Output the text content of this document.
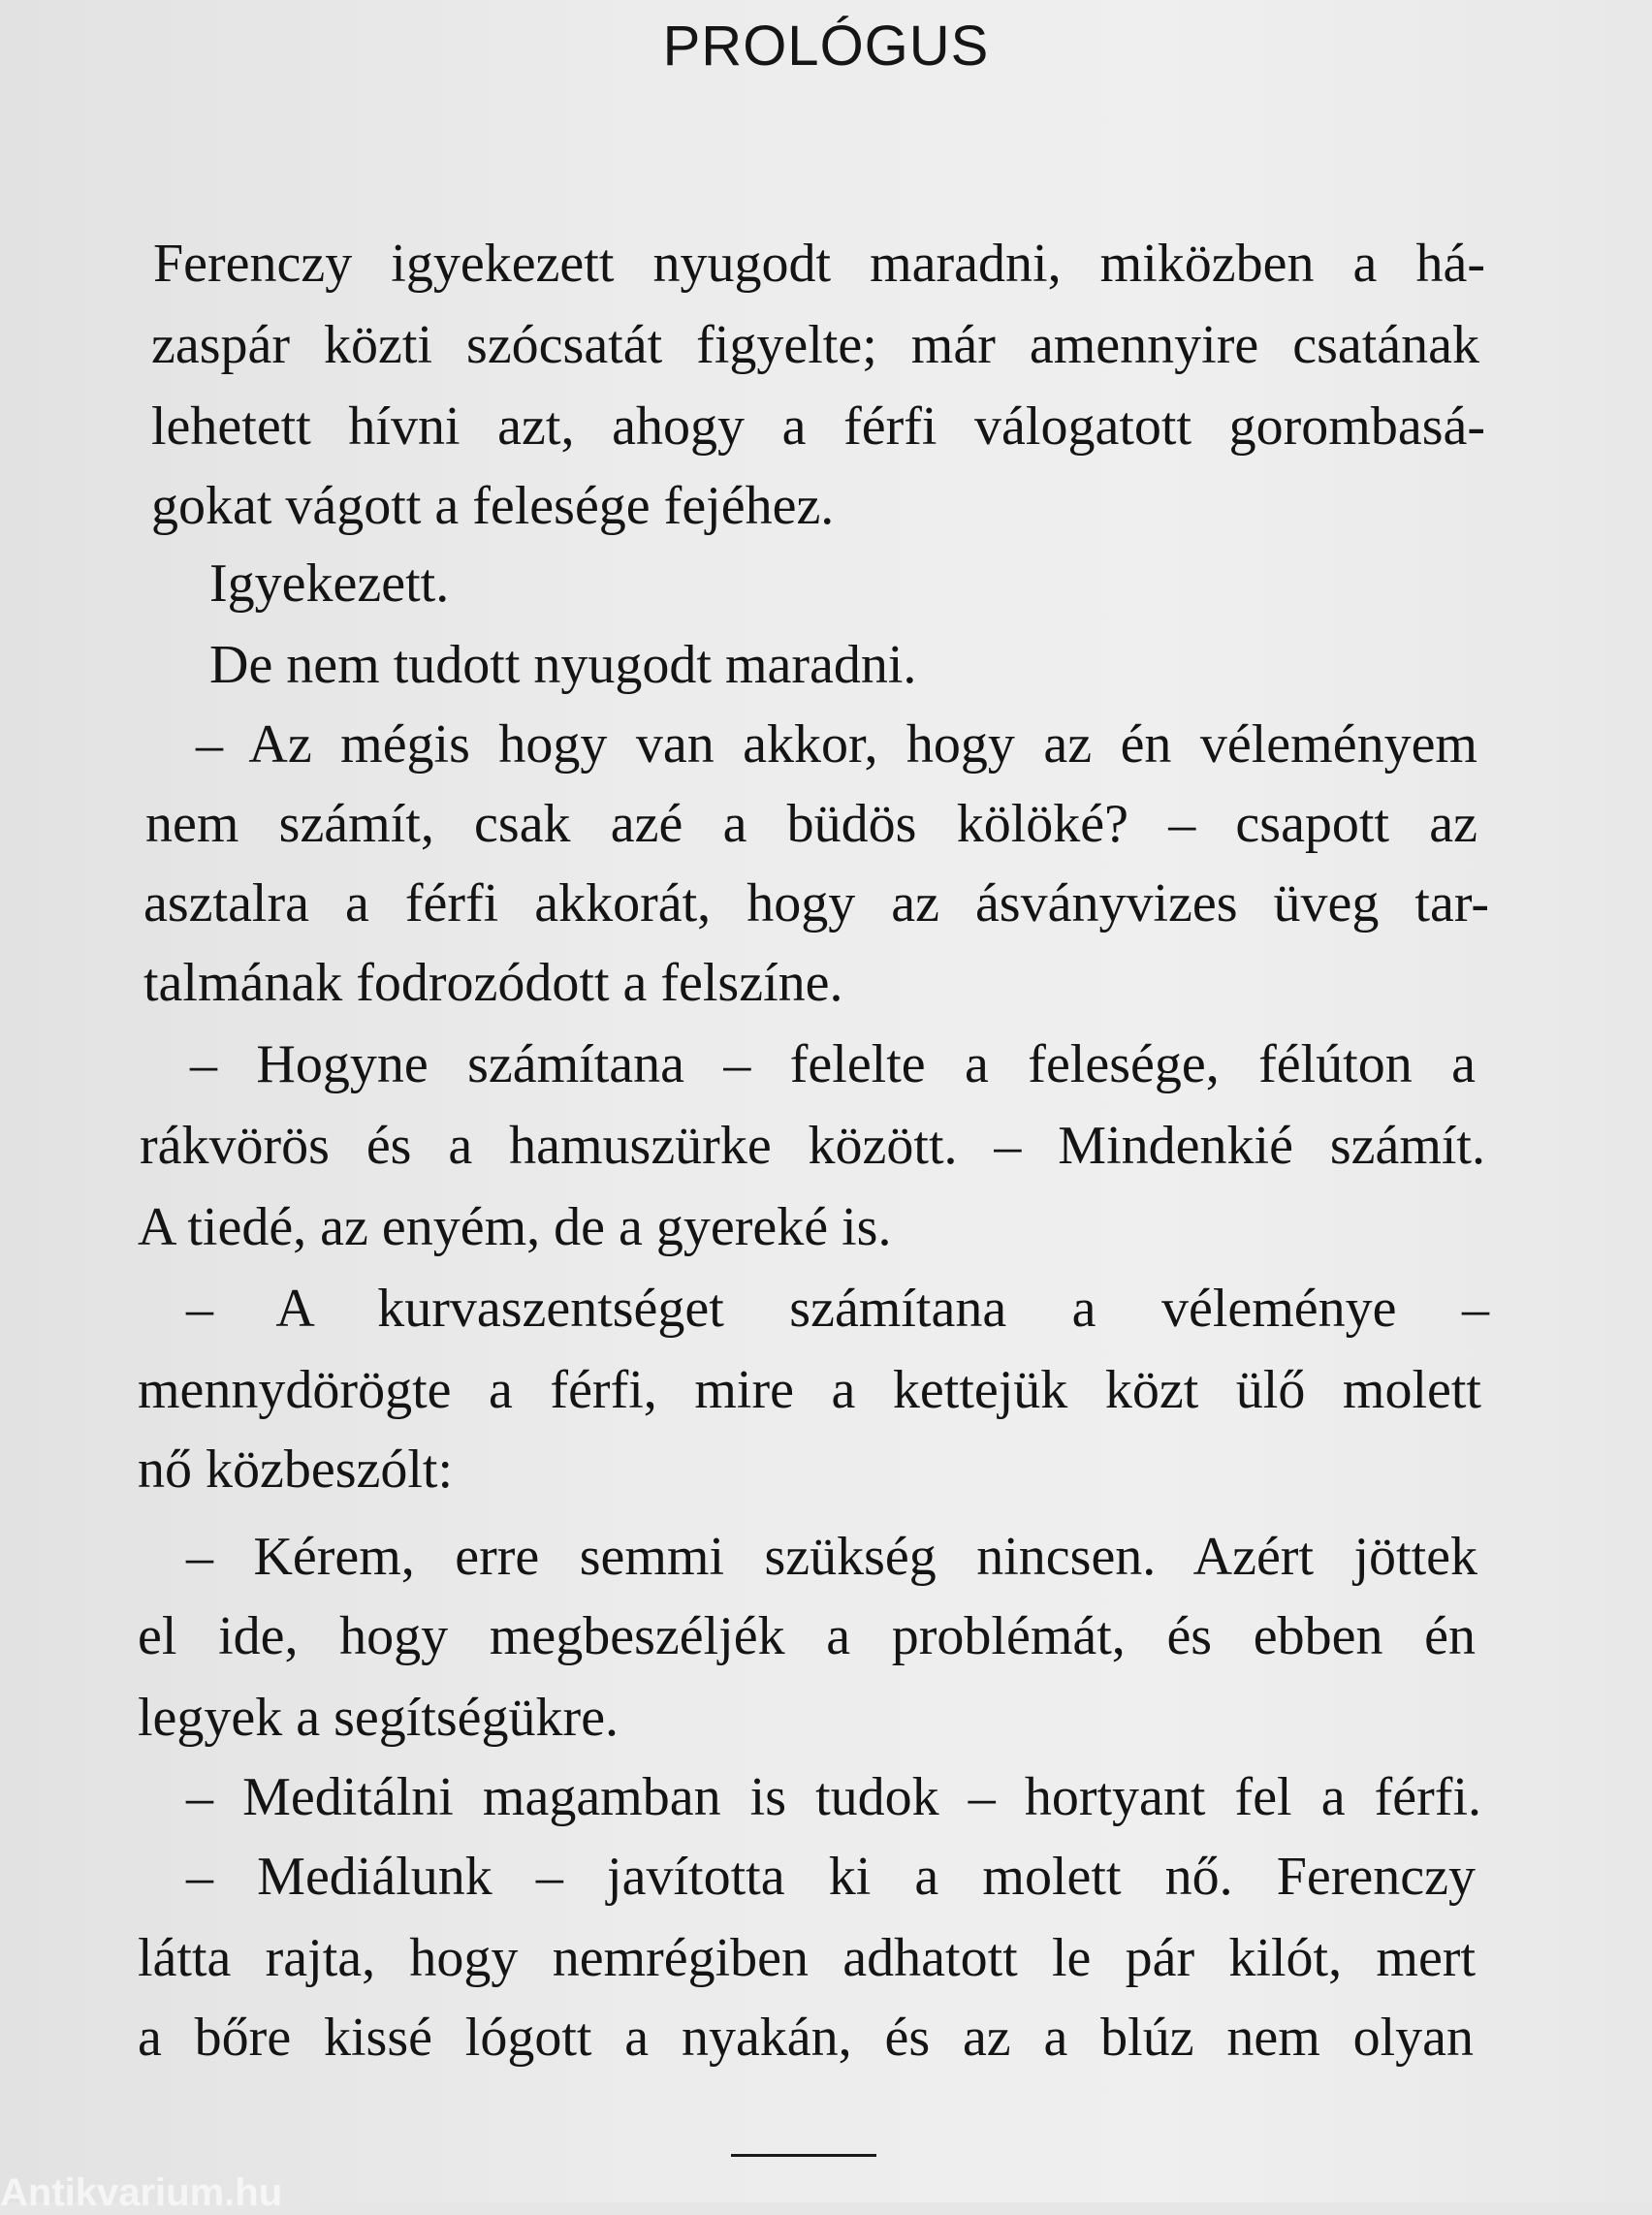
PROLÓGUS
Ferenczy igyekezett nyugodt maradni, miközben a há-
zaspár közti szócsatát figyelte; már amennyire csatának
lehetett hívni azt, ahogy a férfi válogatott gorombasá-
gokat vágott a felesége fejéhez.
Igyekezett.
De nem tudott nyugodt maradni.
– Az mégis hogy van akkor, hogy az én véleményem
nem számít, csak azé a büdös kölöké? – csapott az
asztalra a férfi akkorát, hogy az ásványvizes üveg tar-
talmának fodrozódott a felszíne.
– Hogyne számítana – felelte a felesége, félúton a
rákvörös és a hamuszürke között. – Mindenkié számít.
A tiedé, az enyém, de a gyereké is.
– A kurvaszentséget számítana a véleménye –
mennydörögte a férfi, mire a kettejük közt ülő molett
nő közbeszólt:
– Kérem, erre semmi szükség nincsen. Azért jöttek
el ide, hogy megbeszéljék a problémát, és ebben én
legyek a segítségükre.
– Meditálni magamban is tudok – hortyant fel a férfi.
– Mediálunk – javította ki a molett nő. Ferenczy
látta rajta, hogy nemrégiben adhatott le pár kilót, mert
a bőre kissé lógott a nyakán, és az a blúz nem olyan
Antikvarium.hu
